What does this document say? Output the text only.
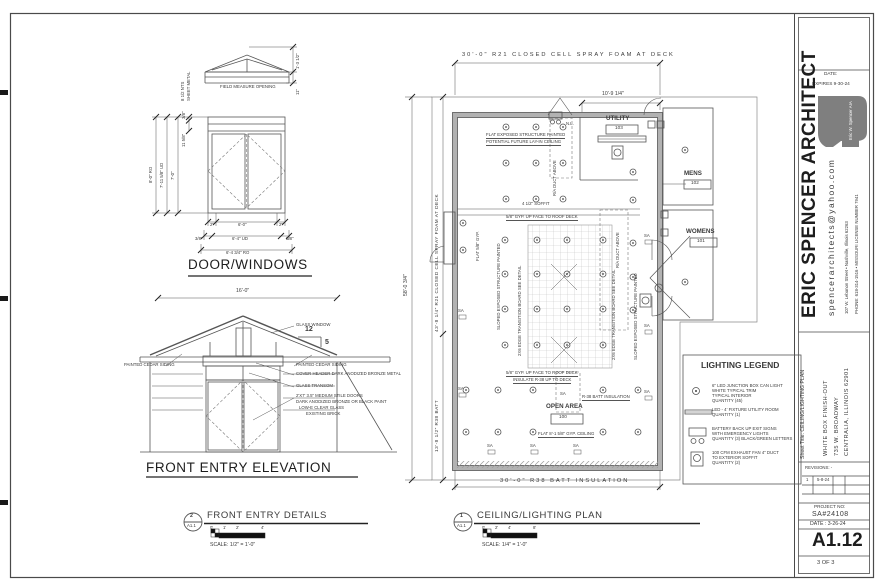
DOOR/WINDOWS
FIELD MEASURE OPENING
8 1/2 NTS SHEET METAL
1'-3 1/2"
11"
8'-0" RO 7'-11 5/8" UD 7'-0"
3/8"
11 5/8"
2"	6'-0"	2"
3/8"	6'-4" UD	3/8"
6'-4 3/4" RO
FRONT ENTRY ELEVATION
16'-0"
12
5
GLASS WINDOW
PAINTED CEDAR SIDING	PAINTED CEDAR SIDING
COVER HEADER DARK ANODIZED BRONZE METAL
GLASS TRANSOM
2'X7' 3.5" MEDIUM STILE DOORS
DARK ANODIZED BRONZE OR BLACK PAINT
LOW-E CLEAR GLASS
EXISTING BRICK
2
A1.1
FRONT ENTRY DETAILS
0' 1' 2'	4'
SCALE: 1/2" = 1'-0"
1
A1.1
CEILING/LIGHTING PLAN
0' 2' 4'	8'
SCALE: 1/4" = 1'-0"
30'-0" R21 CLOSED CELL SPRAY FOAM AT DECK
10'-9 1/4"
58'-0 3/4"	43'-8 1/4" R21 CLOSED CELL SPRAY FOAM AT DECK
13'-8 1/2" R38 BATT
30'-0" R38 BATT INSULATION
UTILITY
103
MENS
102
WOMENS
101
OPEN AREA
100
FLAT EXPOSED STRUCTURE PAINTED
POTENTIAL FUTURE LAY-IN CEILING
4 1/2" SOFFIT
5/8" GYP. UP FACE TO ROOF DECK
FLAT 5/8" GYP.	SLOPED EXPOSED STRUCTURE PAINTED	2X6 EDGE TRANSITION BOARD SEE DETAIL	2X6 EDGE TRANSITION BOARD SEE DETAIL	SLOPED EXPOSED STRUCTURE PAINTED
R/A DUCT ABOVE
R/A DUCT ABOVE
5/8" GYP. UP FACE TO ROOF DECK
INSULATE R-38 UP TO DECK
R-38 BATT INSULATION
FLAT 8'-1 5/8" GYP. CEILING
N.L.
SA
SA
SA	SA	SA
SA
SA
SA
SA
LIGHTING LEGEND
6" LED JUNCTION BOX CAN LIGHT
WHITE TYPICAL TRIM
TYPICAL INTERIOR
QUANTITY (45)
LED - 4' FIXTURE UTILITY ROOM
QUANTITY (1)
BATTERY BACK UP EXIT SIGNS
WITH EMERGENCY LIGHTS
QUANTITY (3) BLACK/GREEN LETTERS
100 CFM EXHAUST FAN 4" DUCT
TO EXTERIOR SOFFIT
QUANTITY (2)
DATE:
EXPIRES 9-30-24
Eric W. Spencer AIA
ERIC SPENCER ARCHITECT spencerarchitects@yahoo.com 107 W. Lebanon Street • Nashville, Illinois 62263 PHONE: 618-314-1516 • MISSOURI LICENSE NUMBER 7941
Sheet Title: CEILING/LIGHTING PLAN	WHITE BOX FINISH-OUT 735 W. BROADWAY CENTRALIA, ILLINOIS 62901
REVISIONS: -
1 5-8-24
PROJECT NO:
SA#24108
DATE : 3-26-24
A1.12
3 OF 3
